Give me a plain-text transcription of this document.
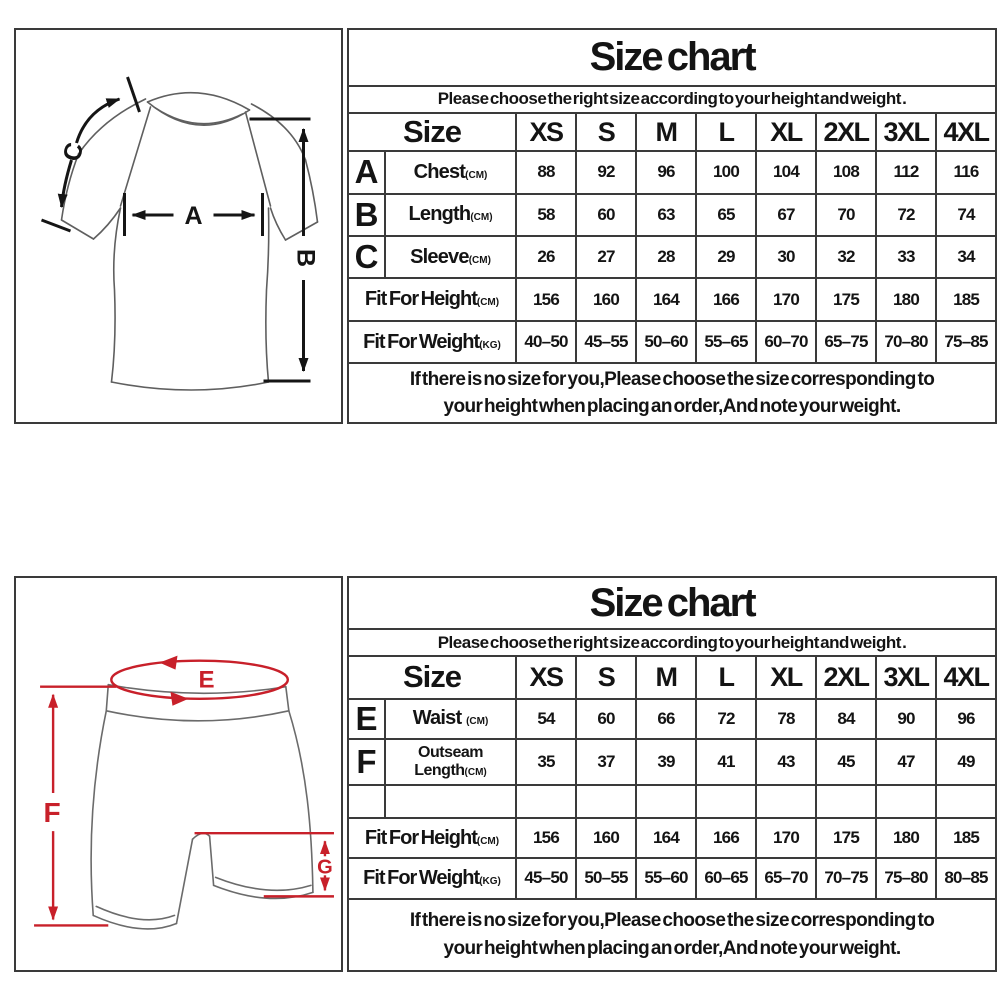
A
B
C
Size chart									
Please choose the right size according to your height and weight .									
Size		XS	S	M	L	XL	2XL	3XL	4XL
A	Chest(CM)	88	92	96	100	104	108	112	116
B	Length(CM)	58	60	63	65	67	70	72	74
C	Sleeve(CM)	26	27	28	29	30	32	33	34
Fit For Height(CM)		156	160	164	166	170	175	180	185
Fit For Weight(KG)		40–50	45–55	50–60	55–65	60–70	65–75	70–80	75–85
If there is no size for you,Please choose the size corresponding to
your height when placing an order,And note your weight.									
E
F
G
Size chart									
Please choose the right size according to your height and weight .									
Size		XS	S	M	L	XL	2XL	3XL	4XL
E	Waist (CM)	54	60	66	72	78	84	90	96
F	Outseam
Length(CM)	35	37	39	41	43	45	47	49

Fit For Height(CM)		156	160	164	166	170	175	180	185
Fit For Weight(KG)		45–50	50–55	55–60	60–65	65–70	70–75	75–80	80–85
If there is no size for you,Please choose the size corresponding to
your height when placing an order,And note your weight.									
